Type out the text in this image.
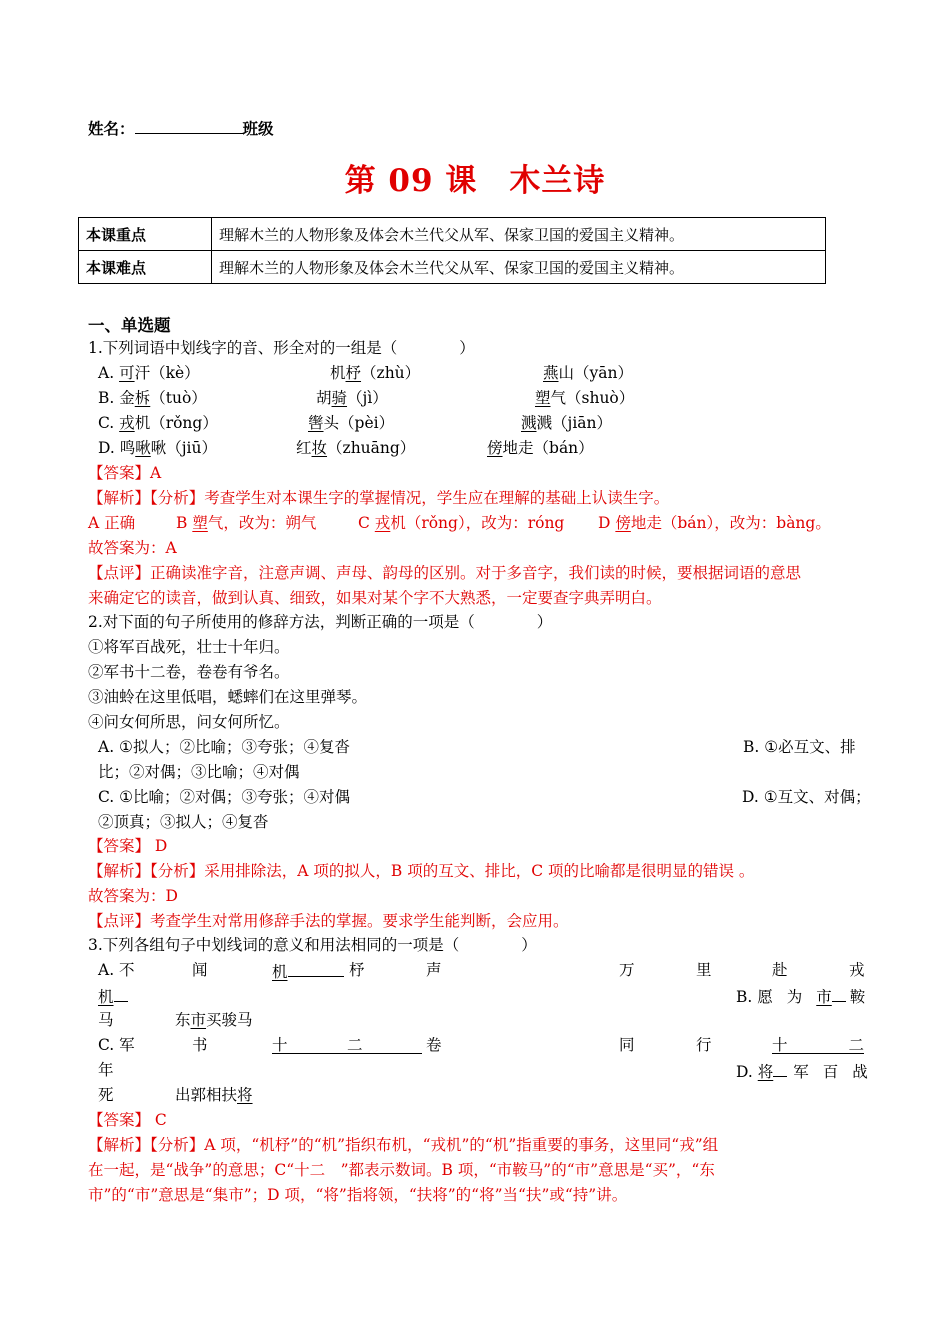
姓名：	班级
第 09 课　木兰诗
本课重点	理解木兰的人物形象及体会木兰代父从军、保家卫国的爱国主义精神。
本课难点	理解木兰的人物形象及体会木兰代父从军、保家卫国的爱国主义精神。
一、单选题
1.下列词语中划线字的音、形全对的一组是（　　　　）
A. 可汗（kè）	机杼（zhù）	燕山（yān）
B. 金柝（tuò）	胡骑（jì）	塑气（shuò）
C. 戎机（rǒng）	辔头（pèi）	溅溅（jiān）
D. 鸣啾啾（jiū）	红妆（zhuāng）	傍地走（bán）
【答案】A
【解析】【分析】考查学生对本课生字的掌握情况，学生应在理解的基础上认读生字。
A 正确	B 塑气，改为：朔气	C 戎机（rǒng），改为：róng D 傍地走（bán），改为：bàng。
故答案为：A
【点评】正确读准字音，注意声调、声母、韵母的区别。对于多音字，我们读的时候，要根据词语的意思
来确定它的读音，做到认真、细致，如果对某个字不大熟悉，一定要查字典弄明白。
2.对下面的句子所使用的修辞方法，判断正确的一项是（　　　　）
①将军百战死，壮士十年归。
②军书十二卷，卷卷有爷名。
③油蛉在这里低唱，蟋蟀们在这里弹琴。
④问女何所思，问女何所忆。
A. ①拟人；②比喻；③夸张；④复沓	B. ①必互文、排
比；②对偶；③比喻；④对偶
C. ①比喻；②对偶；③夸张；④对偶	D. ①互文、对偶；
②顶真；③拟人；④复沓
【答案】 D
【解析】【分析】采用排除法，A 项的拟人，B 项的互文、排比，C 项的比喻都是很明显的错误 。
故答案为：D
【点评】考查学生对常用修辞手法的掌握。要求学生能判断，会应用。
3.下列各组句子中划线词的意义和用法相同的一项是（　　　　）
A. 不	闻	机	杼	声	万	里	赴	戎
机	B. 愿 为 市 鞍
马	东市买骏马
C. 军	书	十	二	卷	同	行	十	二
年	D. 将 军 百 战
死	出郭相扶将
【答案】 C
【解析】【分析】A 项，“机杼”的“机”指织布机，“戎机”的“机”指重要的事务，这里同“戎”组
在一起，是“战争”的意思；C“十二　”都表示数词。B 项，“市鞍马”的“市”意思是“买”，“东
市”的“市”意思是“集市”；D 项，“将”指将领，“扶将”的“将”当“扶”或“持”讲。
